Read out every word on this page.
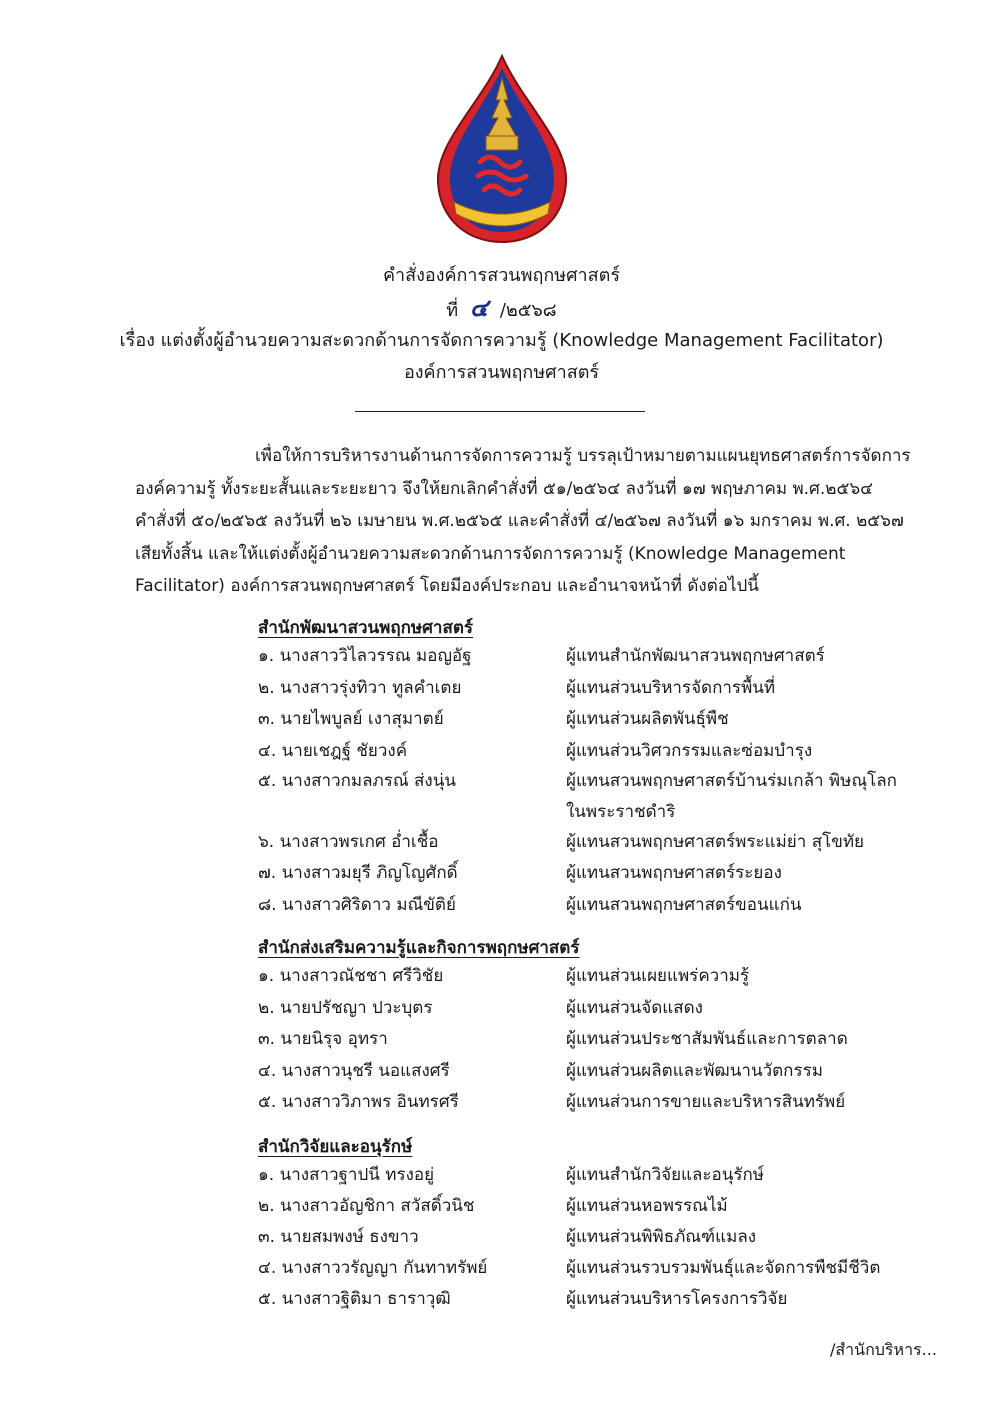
คำสั่งองค์การสวนพฤกษศาสตร์
ที่ ๔ /๒๕๖๘
เรื่อง แต่งตั้งผู้อำนวยความสะดวกด้านการจัดการความรู้ (Knowledge Management Facilitator)
องค์การสวนพฤกษศาสตร์

เพื่อให้การบริหารงานด้านการจัดการความรู้ บรรลุเป้าหมายตามแผนยุทธศาสตร์การจัดการ

องค์ความรู้ ทั้งระยะสั้นและระยะยาว จึงให้ยกเลิกคำสั่งที่ ๕๑/๒๕๖๔ ลงวันที่ ๑๗ พฤษภาคม พ.ศ.๒๕๖๔

คำสั่งที่ ๕๐/๒๕๖๕ ลงวันที่ ๒๖ เมษายน พ.ศ.๒๕๖๕ และคำสั่งที่ ๔/๒๕๖๗ ลงวันที่ ๑๖ มกราคม พ.ศ. ๒๕๖๗

เสียทั้งสิ้น และให้แต่งตั้งผู้อำนวยความสะดวกด้านการจัดการความรู้ (Knowledge Management

Facilitator) องค์การสวนพฤกษศาสตร์ โดยมีองค์ประกอบ และอำนาจหน้าที่ ดังต่อไปนี้

สำนักพัฒนาสวนพฤกษศาสตร์
๑. นางสาววิไลวรรณ มอญอัฐ	ผู้แทนสำนักพัฒนาสวนพฤกษศาสตร์
๒. นางสาวรุ่งทิวา ทูลคำเตย	ผู้แทนส่วนบริหารจัดการพื้นที่
๓. นายไพบูลย์ เงาสุมาตย์	ผู้แทนส่วนผลิตพันธุ์พืช
๔. นายเชฎฐ์ ชัยวงค์	ผู้แทนส่วนวิศวกรรมและซ่อมบำรุง
๕. นางสาวกมลภรณ์ ส่งนุ่น	ผู้แทนสวนพฤกษศาสตร์บ้านร่มเกล้า พิษณุโลก
ในพระราชดำริ
๖. นางสาวพรเกศ อ่ำเชื้อ	ผู้แทนสวนพฤกษศาสตร์พระแม่ย่า สุโขทัย
๗. นางสาวมยุรี ภิญโญศักดิ์	ผู้แทนสวนพฤกษศาสตร์ระยอง
๘. นางสาวศิริดาว มณีขัติย์	ผู้แทนสวนพฤกษศาสตร์ขอนแก่น
สำนักส่งเสริมความรู้และกิจการพฤกษศาสตร์
๑. นางสาวณัชชา ศรีวิชัย	ผู้แทนส่วนเผยแพร่ความรู้
๒. นายปรัชญา ปวะบุตร	ผู้แทนส่วนจัดแสดง
๓. นายนิรุจ อุทรา	ผู้แทนส่วนประชาสัมพันธ์และการตลาด
๔. นางสาวนุชรี นอแสงศรี	ผู้แทนส่วนผลิตและพัฒนานวัตกรรม
๕. นางสาววิภาพร อินทรศรี	ผู้แทนส่วนการขายและบริหารสินทรัพย์
สำนักวิจัยและอนุรักษ์
๑. นางสาวฐาปนี ทรงอยู่	ผู้แทนสำนักวิจัยและอนุรักษ์
๒. นางสาวอัญชิกา สวัสดิ์วนิช	ผู้แทนส่วนหอพรรณไม้
๓. นายสมพงษ์ ธงขาว	ผู้แทนส่วนพิพิธภัณฑ์แมลง
๔. นางสาววรัญญา กันทาทรัพย์	ผู้แทนส่วนรวบรวมพันธุ์และจัดการพืชมีชีวิต
๕. นางสาวฐิติมา ธาราวุฒิ	ผู้แทนส่วนบริหารโครงการวิจัย
/สำนักบริหาร...
